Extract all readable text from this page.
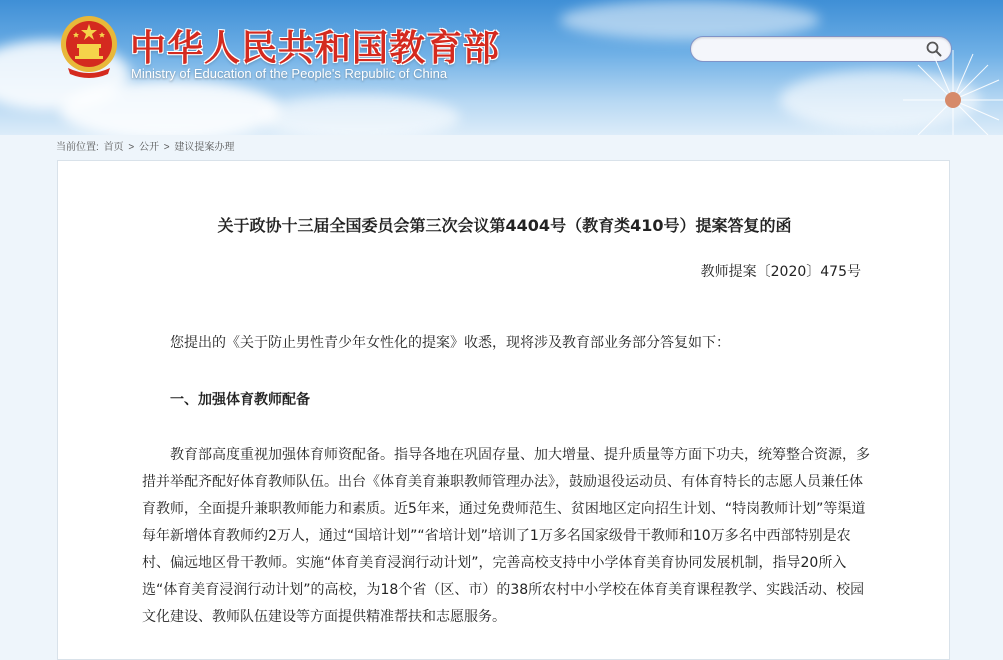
中华人民共和国教育部
Ministry of Education of the People's Republic of China
当前位置: 首页 > 公开 > 建议提案办理
关于政协十三届全国委员会第三次会议第4404号（教育类410号）提案答复的函
教师提案〔2020〕475号

您提出的《关于防止男性青少年女性化的提案》收悉，现将涉及教育部业务部分答复如下：

一、加强体育教师配备

教育部高度重视加强体育师资配备。指导各地在巩固存量、加大增量、提升质量等方面下功夫，统筹整合资源，多措并举配齐配好体育教师队伍。出台《体育美育兼职教师管理办法》，鼓励退役运动员、有体育特长的志愿人员兼任体育教师，全面提升兼职教师能力和素质。近5年来，通过免费师范生、贫困地区定向招生计划、“特岗教师计划”等渠道每年新增体育教师约2万人，通过“国培计划”“省培计划”培训了1万多名国家级骨干教师和10万多名中西部特别是农村、偏远地区骨干教师。实施“体育美育浸润行动计划”，完善高校支持中小学体育美育协同发展机制，指导20所入选“体育美育浸润行动计划”的高校，为18个省（区、市）的38所农村中小学校在体育美育课程教学、实践活动、校园文化建设、教师队伍建设等方面提供精准帮扶和志愿服务。
